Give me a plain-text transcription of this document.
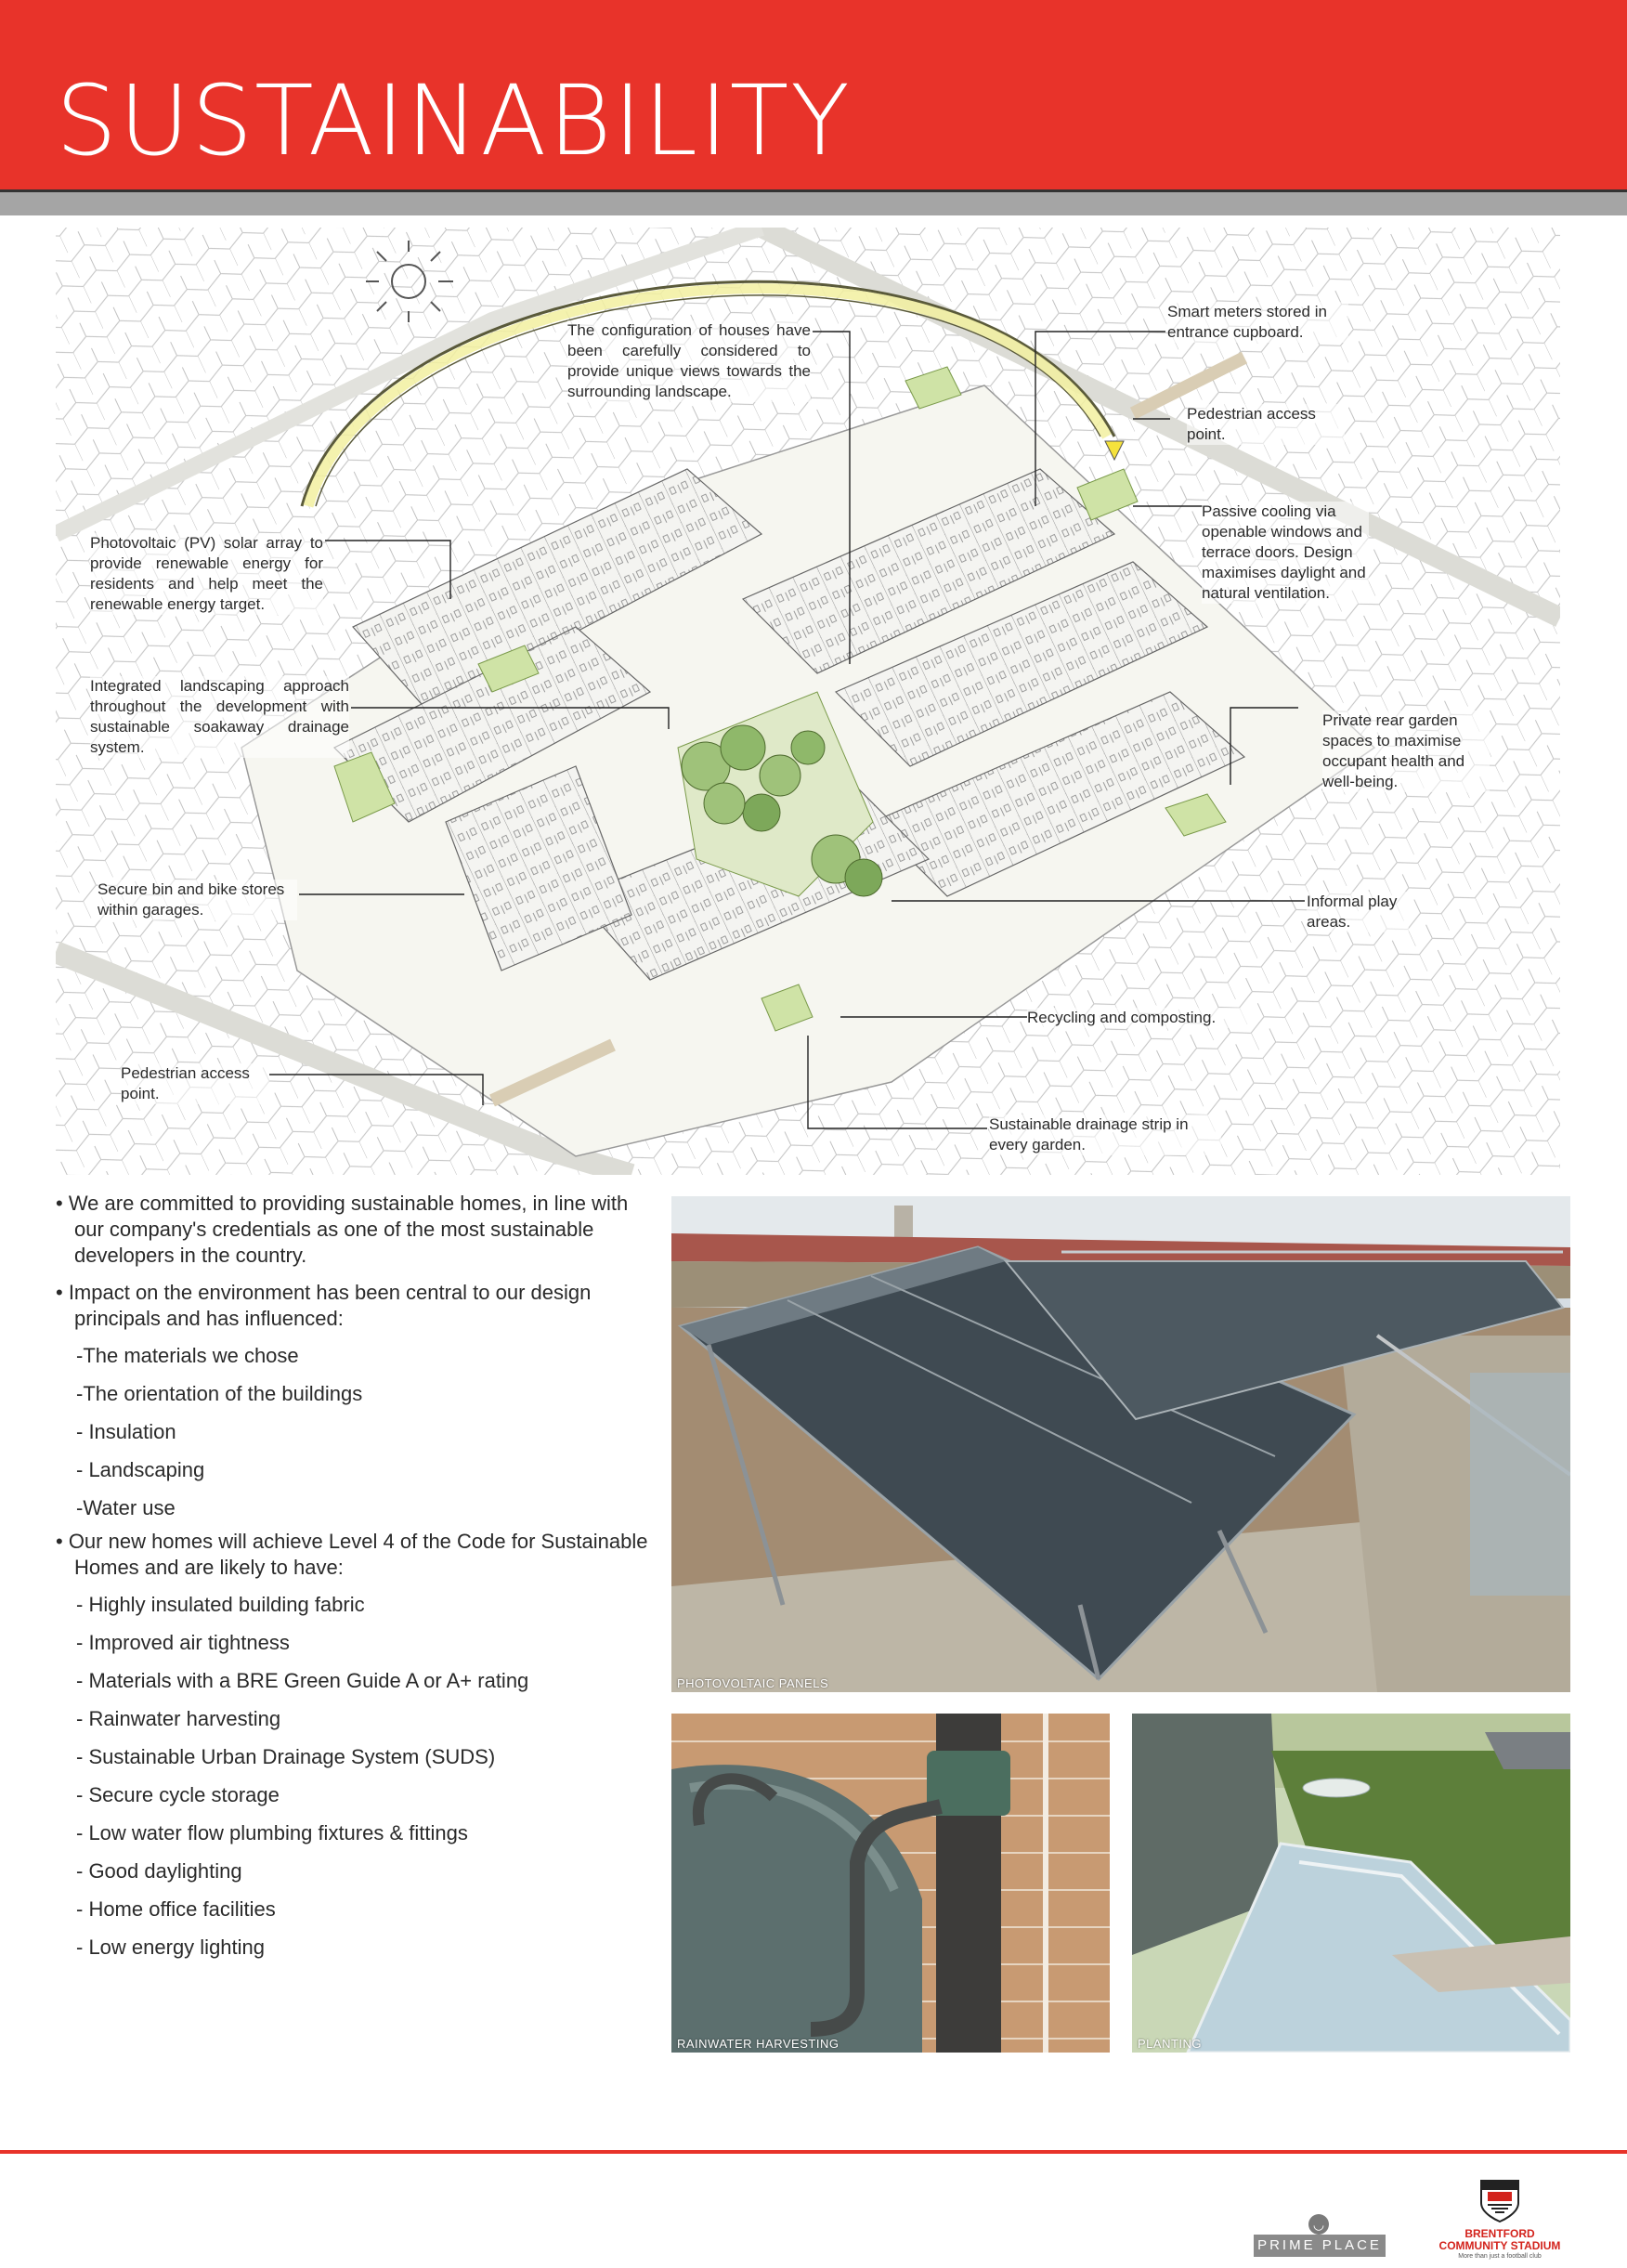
SUSTAINABILITY
The configuration of houses have been carefully considered to provide unique views towards the surrounding landscape.
Smart meters stored in entrance cupboard.
Pedestrian access point.
Passive cooling via openable windows and terrace doors. Design maximises daylight and natural ventilation.
Photovoltaic (PV) solar array to provide renewable energy for residents and help meet the renewable energy target.
Integrated landscaping approach throughout the development with sustainable soakaway drainage system.
Private rear garden spaces to maximise occupant health and well-being.
Secure bin and bike stores within garages.	Informal play areas.
Recycling and composting.
Pedestrian access point.
Sustainable drainage strip in every garden.
• We are committed to providing sustainable homes, in line with our company's credentials as one of the most sustainable developers in the country.
• Impact on the environment has been central to our design principals and has influenced:
-The materials we chose
-The orientation of the buildings
- Insulation
- Landscaping
-Water use
• Our new homes will achieve Level 4 of the Code for Sustainable Homes and are likely to have:
- Highly insulated building fabric
- Improved air tightness
- Materials with a BRE Green Guide A or A+ rating
- Rainwater harvesting
- Sustainable Urban Drainage System (SUDS)
- Secure cycle storage
- Low water flow plumbing fixtures & fittings
- Good daylighting
- Home office facilities
- Low energy lighting
PHOTOVOLTAIC PANELS
RAINWATER HARVESTING	PLANTING
◡
PRIME PLACE
BRENTFORD
COMMUNITY STADIUM
More than just a football club
